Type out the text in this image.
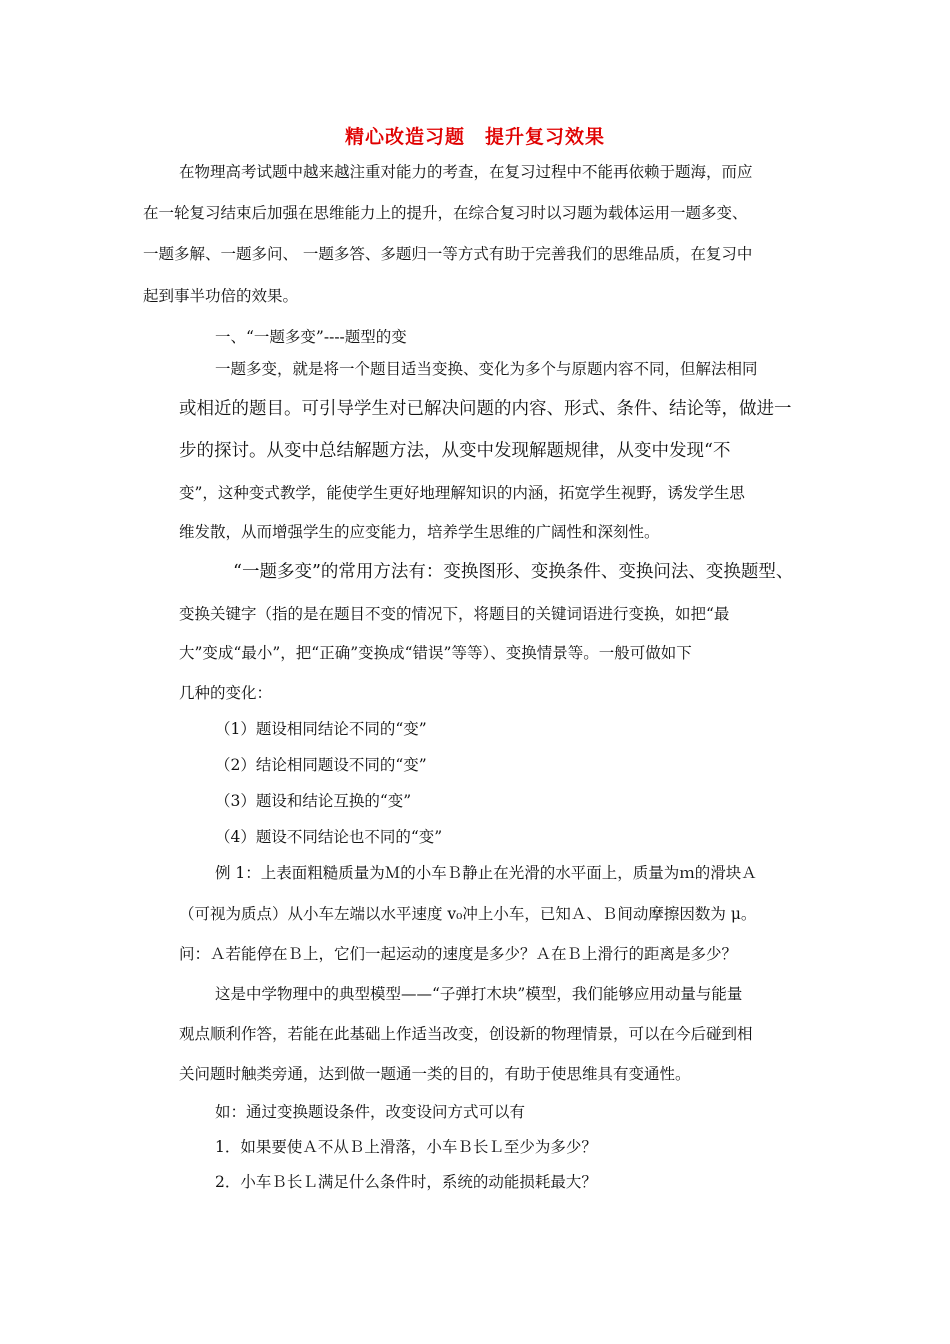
精心改造习题　提升复习效果
在物理高考试题中越来越注重对能力的考查，在复习过程中不能再依赖于题海，而应
在一轮复习结束后加强在思维能力上的提升，在综合复习时以习题为载体运用一题多变、
一题多解、一题多问、 一题多答、多题归一等方式有助于完善我们的思维品质，在复习中
起到事半功倍的效果。
一、“一题多变”----题型的变
一题多变，就是将一个题目适当变换、变化为多个与原题内容不同，但解法相同
或相近的题目。可引导学生对已解决问题的内容、形式、条件、结论等，做进一
步的探讨。从变中总结解题方法，从变中发现解题规律，从变中发现“不
变”，这种变式教学，能使学生更好地理解知识的内涵，拓宽学生视野，诱发学生思
维发散，从而增强学生的应变能力，培养学生思维的广阔性和深刻性。
“一题多变”的常用方法有：变换图形、变换条件、变换问法、变换题型、
变换关键字（指的是在题目不变的情况下，将题目的关键词语进行变换，如把“最
大”变成“最小”，把“正确”变换成“错误”等等）、变换情景等。一般可做如下
几种的变化：
（1）题设相同结论不同的“变”
（2）结论相同题设不同的“变”
（3）题设和结论互换的“变”
（4）题设不同结论也不同的“变”
例 1：上表面粗糙质量为Ｍ的小车Ｂ静止在光滑的水平面上，质量为ｍ的滑块Ａ
（可视为质点）从小车左端以水平速度 v₀冲上小车，已知Ａ、Ｂ间动摩擦因数为 μ。
问：Ａ若能停在Ｂ上，它们一起运动的速度是多少？Ａ在Ｂ上滑行的距离是多少？
这是中学物理中的典型模型——“子弹打木块”模型，我们能够应用动量与能量
观点顺利作答，若能在此基础上作适当改变，创设新的物理情景，可以在今后碰到相
关问题时触类旁通，达到做一题通一类的目的，有助于使思维具有变通性。
如：通过变换题设条件，改变设问方式可以有
1．如果要使Ａ不从Ｂ上滑落，小车Ｂ长Ｌ至少为多少？
2．小车Ｂ长Ｌ满足什么条件时，系统的动能损耗最大？
